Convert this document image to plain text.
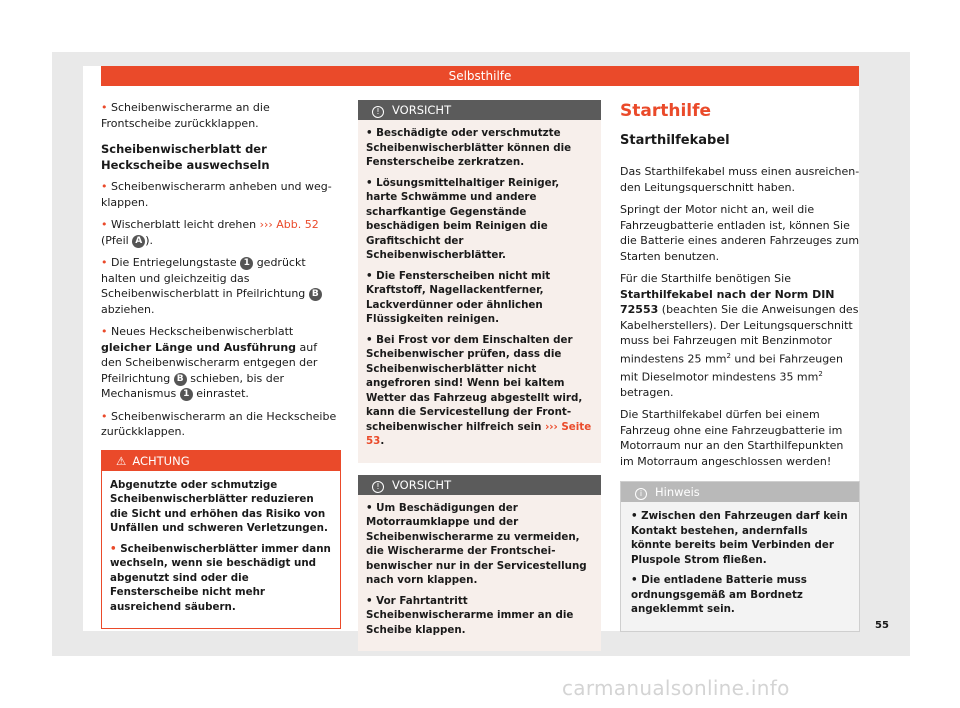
Selbsthilfe

• Scheibenwischerarme an die Frontscheibe zurückklappen.

Scheibenwischerblatt der Heckscheibe auswechseln

• Scheibenwischerarm anheben und wegklappen.

• Wischerblatt leicht drehen ››› Abb. 52 (Pfeil A ).

• Die Entriegelungstaste 1 gedrückt halten und gleichzeitig das Scheibenwischerblatt in Pfeilrichtung B abziehen.

• Neues Heckscheibenwischerblatt gleicher Länge und Ausführung auf den Scheibenwischerarm entgegen der Pfeilrichtung B schieben, bis der Mechanismus 1 einrastet.

• Scheibenwischerarm an die Heckscheibe zurückklappen.

⚠ ACHTUNG

Abgenutzte oder schmutzige Scheibenwischerblätter reduzieren die Sicht und erhöhen das Risiko von Unfällen und schweren Verletzungen.

• Scheibenwischerblätter immer dann wechseln, wenn sie beschädigt und abgenutzt sind oder die Fensterscheibe nicht mehr ausreichend säubern.

! VORSICHT

• Beschädigte oder verschmutzte Scheibenwischerblätter können die Fensterscheibe zerkratzen.

• Lösungsmittelhaltiger Reiniger, harte Schwämme und andere scharfkantige Gegenstände beschädigen beim Reinigen die Grafitschicht der Scheibenwischerblätter.

• Die Fensterscheiben nicht mit Kraftstoff, Nagellackentferner, Lackverdünner oder ähnlichen Flüssigkeiten reinigen.

• Bei Frost vor dem Einschalten der Scheibenwischer prüfen, dass die Scheibenwischerblätter nicht angefroren sind! Wenn bei kaltem Wetter das Fahrzeug abgestellt wird, kann die Servicestellung der Frontscheibenwischer hilfreich sein ››› Seite 53.

! VORSICHT

• Um Beschädigungen der Motorraumklappe und der Scheibenwischerarme zu vermeiden, die Wischerarme der Frontscheibenwischer nur in der Servicestellung nach vorn klappen.

• Vor Fahrtantritt Scheibenwischerarme immer an die Scheibe klappen.

Starthilfe
Starthilfekabel

Das Starthilfekabel muss einen ausreichenden Leitungsquerschnitt haben.

Springt der Motor nicht an, weil die Fahrzeugbatterie entladen ist, können Sie die Batterie eines anderen Fahrzeuges zum Starten benutzen.

Für die Starthilfe benötigen Sie Starthilfekabel nach der Norm DIN 72553 (beachten Sie die Anweisungen des Kabelherstellers). Der Leitungsquerschnitt muss bei Fahrzeugen mit Benzinmotor mindestens 25 $mm^2$ und bei Fahrzeugen mit Dieselmotor mindestens 35 $mm^2$ betragen.

Die Starthilfekabel dürfen bei einem Fahrzeug ohne eine Fahrzeugbatterie im Motorraum nur an den Starthilfepunkten im Motorraum angeschlossen werden!

i Hinweis

• Zwischen den Fahrzeugen darf kein Kontakt bestehen, andernfalls könnte bereits beim Verbinden der Pluspole Strom fließen.

• Die entladene Batterie muss ordnungsgemäß am Bordnetz angeklemmt sein.

55
carmanualsonline.info
